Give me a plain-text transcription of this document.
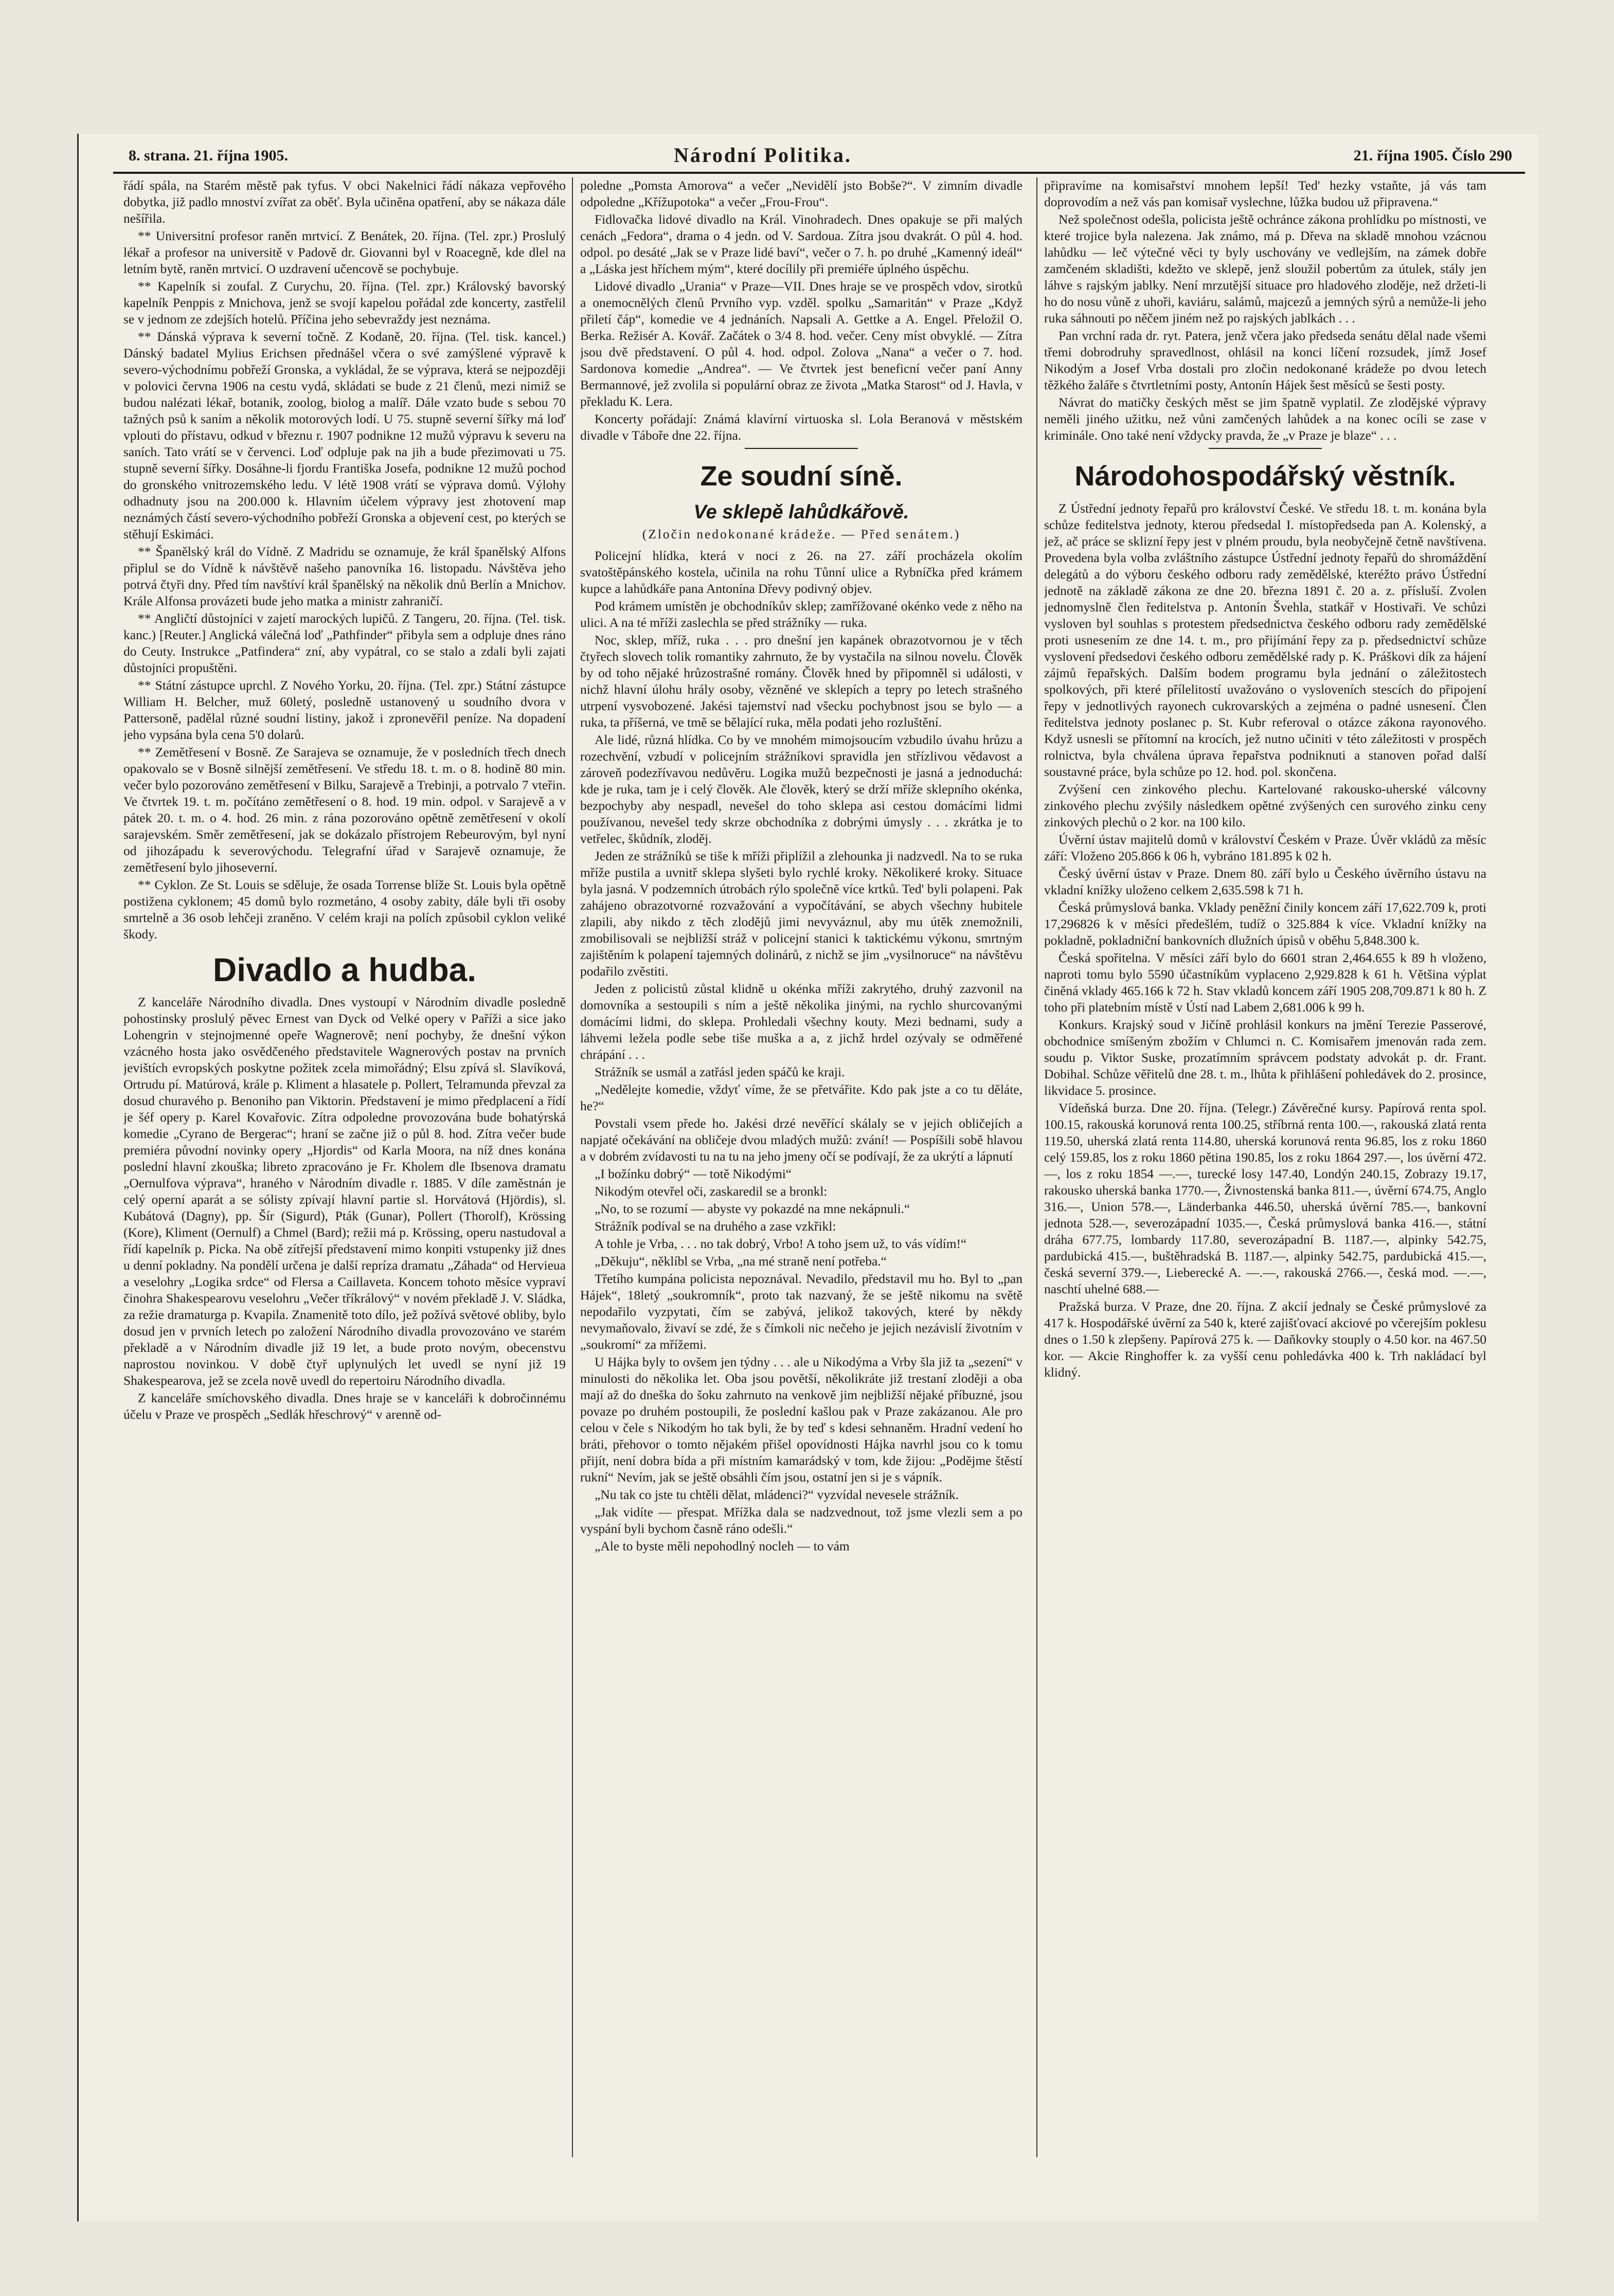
8. strana. 21. října 1905.	Národní Politika.	21. října 1905. Číslo 290

řádí spála, na Starém městě pak tyfus. V obci Nakelnici řádí nákaza vepřového dobytka, již padlo mnoství zvířat za oběť. Byla učiněna opatření, aby se nákaza dále nešířila.

** Universitní profesor raněn mrtvicí. Z Benátek, 20. října. (Tel. zpr.) Proslulý lékař a profesor na universitě v Padově dr. Giovanni byl v Roacegně, kde dlel na letním bytě, raněn mrtvicí. O uzdravení učencově se pochybuje.

** Kapelník si zoufal. Z Curychu, 20. října. (Tel. zpr.) Královský bavorský kapelník Penppis z Mnichova, jenž se svojí kapelou pořádal zde koncerty, zastřelil se v jednom ze zdejších hotelů. Příčina jeho sebevraždy jest neznáma.

** Dánská výprava k severní točně. Z Kodaně, 20. října. (Tel. tisk. kancel.) Dánský badatel Mylius Erichsen přednášel včera o své zamýšlené výpravě k severo-východnímu pobřeží Gronska, a vykládal, že se výprava, která se nejpozději v polovici června 1906 na cestu vydá, skládati se bude z 21 členů, mezi nimiž se budou nalézati lékař, botanik, zoolog, biolog a malíř. Dále vzato bude s sebou 70 tažných psů k saním a několik motorových lodí. U 75. stupně severní šířky má loď vplouti do přístavu, odkud v březnu r. 1907 podnikne 12 mužů výpravu k severu na saních. Tato vrátí se v červenci. Loď odpluje pak na jih a bude přezimovati u 75. stupně severní šířky. Dosáhne-li fjordu Františka Josefa, podnikne 12 mužů pochod do gronského vnitrozemského ledu. V létě 1908 vrátí se výprava domů. Výlohy odhadnuty jsou na 200.000 k. Hlavním účelem výpravy jest zhotovení map neznámých částí severo-východního pobřeží Gronska a objevení cest, po kterých se stěhují Eskimáci.

** Španělský král do Vídně. Z Madridu se oznamuje, že král španělský Alfons připlul se do Vídně k návštěvě našeho panovníka 16. listopadu. Návštěva jeho potrvá čtyři dny. Před tím navštíví král španělský na několik dnů Berlín a Mnichov. Krále Alfonsa provázeti bude jeho matka a ministr zahraničí.

** Angličtí důstojníci v zajetí marockých lupičů. Z Tangeru, 20. října. (Tel. tisk. kanc.) [Reuter.] Anglická válečná loď „Pathfinder“ přibyla sem a odpluje dnes ráno do Ceuty. Instrukce „Patfindera“ zní, aby vypátral, co se stalo a zdali byli zajati důstojníci propuštěni.

** Státní zástupce uprchl. Z Nového Yorku, 20. října. (Tel. zpr.) Státní zástupce William H. Belcher, muž 60letý, posledně ustanovený u soudního dvora v Pattersoně, padělal různé soudní listiny, jakož i zpronevěřil peníze. Na dopadení jeho vypsána byla cena 5'0 dolarů.

** Zemětřesení v Bosně. Ze Sarajeva se oznamuje, že v posledních třech dnech opakovalo se v Bosně silnější zemětřesení. Ve středu 18. t. m. o 8. hodině 80 min. večer bylo pozorováno zemětřesení v Bilku, Sarajevě a Trebinji, a potrvalo 7 vteřin. Ve čtvrtek 19. t. m. počítáno zemětřesení o 8. hod. 19 min. odpol. v Sarajevě a v pátek 20. t. m. o 4. hod. 26 min. z rána pozorováno opětně zemětřesení v okolí sarajevském. Směr zemětřesení, jak se dokázalo přístrojem Rebeurovým, byl nyní od jihozápadu k severovýchodu. Telegrafní úřad v Sarajevě oznamuje, že zemětřesení bylo jihoseverní.

** Cyklon. Ze St. Louis se sděluje, že osada Torrense blíže St. Louis byla opětně postižena cyklonem; 45 domů bylo rozmetáno, 4 osoby zabity, dále byli tři osoby smrtelně a 36 osob lehčeji zraněno. V celém kraji na polích způsobil cyklon veliké škody.

Divadlo a hudba.

Z kanceláře Národního divadla. Dnes vystoupí v Národním divadle posledně pohostinsky proslulý pěvec Ernest van Dyck od Velké opery v Paříži a sice jako Lohengrin v stejnojmenné opeře Wagnerově; není pochyby, že dnešní výkon vzácného hosta jako osvědčeného představitele Wagnerových postav na prvních jevištích evropských poskytne požitek zcela mimořádný; Elsu zpívá sl. Slavíková, Ortrudu pí. Matúrová, krále p. Kliment a hlasatele p. Pollert, Telramunda převzal za dosud churavého p. Benoniho pan Viktorin. Představení je mimo předplacení a řídí je šéf opery p. Karel Kovařovic. Zítra odpoledne provozována bude bohatýrská komedie „Cyrano de Bergerac“; hraní se začne již o půl 8. hod. Zítra večer bude premiéra původní novinky opery „Hjordis“ od Karla Moora, na níž dnes konána poslední hlavní zkouška; libreto zpracováno je Fr. Kholem dle Ibsenova dramatu „Oernulfova výprava“, hraného v Národním divadle r. 1885. V díle zaměstnán je celý operní aparát a se sólisty zpívají hlavní partie sl. Horvátová (Hjördis), sl. Kubátová (Dagny), pp. Šír (Sigurd), Pták (Gunar), Pollert (Thorolf), Krössing (Kore), Kliment (Oernulf) a Chmel (Bard); režii má p. Krössing, operu nastudoval a řídí kapelník p. Picka. Na obě zítřejší představení mimo konpiti vstupenky již dnes u denní pokladny. Na pondělí určena je další repríza dramatu „Záhada“ od Hervieua a veselohry „Logika srdce“ od Flersa a Caillaveta. Koncem tohoto měsíce vypraví činohra Shakespearovu veselohru „Večer tříkrálový“ v novém překladě J. V. Sládka, za režie dramaturga p. Kvapila. Znamenitě toto dílo, jež požívá světové obliby, bylo dosud jen v prvních letech po založení Národního divadla provozováno ve starém překladě a v Národním divadle již 19 let, a bude proto novým, obecenstvu naprostou novinkou. V době čtyř uplynulých let uvedl se nyní již 19 Shakespearova, jež se zcela nově uvedl do repertoiru Národního divadla.

Z kanceláře smíchovského divadla. Dnes hraje se v kanceláři k dobročinnému účelu v Praze ve prospěch „Sedlák hřeschrový“ v arenně od-

poledne „Pomsta Amorova“ a večer „Nevidělí jsto Bobše?“. V zimním divadle odpoledne „Křížupotoka“ a večer „Frou-Frou“.

Fidlovačka lidové divadlo na Král. Vinohradech. Dnes opakuje se při malých cenách „Fedora“, drama o 4 jedn. od V. Sardoua. Zítra jsou dvakrát. O půl 4. hod. odpol. po desáté „Jak se v Praze lidé baví“, večer o 7. h. po druhé „Kamenný ideál“ a „Láska jest hříchem mým“, které docílily při premiéře úplného úspěchu.

Lidové divadlo „Urania“ v Praze—VII. Dnes hraje se ve prospěch vdov, sirotků a onemocnělých členů Prvního vyp. vzděl. spolku „Samaritán“ v Praze „Když přiletí čáp“, komedie ve 4 jednáních. Napsali A. Gettke a A. Engel. Přeložil O. Berka. Režisér A. Kovář. Začátek o 3/4 8. hod. večer. Ceny míst obvyklé. — Zítra jsou dvě představení. O půl 4. hod. odpol. Zolova „Nana“ a večer o 7. hod. Sardonova komedie „Andrea“. — Ve čtvrtek jest beneficní večer paní Anny Bermannové, jež zvolila si populární obraz ze života „Matka Starost“ od J. Havla, v překladu K. Lera.

Koncerty pořádají: Známá klavírní virtuoska sl. Lola Beranová v městském divadle v Táboře dne 22. října.

Ze soudní síně.
Ve sklepě lahůdkářově.
(Zločin nedokonané krádeže. — Před senátem.)

Policejní hlídka, která v noci z 26. na 27. září procházela okolím svatoštěpánského kostela, učinila na rohu Tůnní ulice a Rybníčka před krámem kupce a lahůdkáře pana Antonína Dřevy podivný objev.

Pod krámem umístěn je obchodníkův sklep; zamřížované okénko vede z něho na ulici. A na té mříži zaslechla se před strážníky — ruka.

Noc, sklep, mříž, ruka . . . pro dnešní jen kapánek obrazotvornou je v těch čtyřech slovech tolik romantiky zahrnuto, že by vystačila na silnou novelu. Člověk by od toho nějaké hrůzostrašné romány. Člověk hned by připomněl si události, v nichž hlavní úlohu hrály osoby, vězněné ve sklepích a tepry po letech strašného utrpení vysvobozené. Jakési tajemství nad všecku pochybnost jsou se bylo — a ruka, ta příšerná, ve tmě se bělající ruka, měla podati jeho rozluštění.

Ale lidé, různá hlídka. Co by ve mnohém mimojsoucím vzbudilo úvahu hrůzu a rozechvění, vzbudí v policejním strážníkovi spravidla jen střízlivou vědavost a zároveň podezřívavou nedůvěru. Logika mužů bezpečnosti je jasná a jednoduchá: kde je ruka, tam je i celý člověk. Ale člověk, který se drží mříže sklepního okénka, bezpochyby aby nespadl, nevešel do toho sklepa asi cestou domácími lidmi používanou, nevešel tedy skrze obchodníka z dobrými úmysly . . . zkrátka je to vetřelec, škůdník, zloděj.

Jeden ze strážníků se tiše k mříži připlížil a zlehounka ji nadzvedl. Na to se ruka mříže pustila a uvnitř sklepa slyšeti bylo rychlé kroky. Několikeré kroky. Situace byla jasná. V podzemních útrobách rýlo společně více krtků. Ted' byli polapeni. Pak zahájeno obrazotvorné rozvažování a vypočítávání, se abych všechny hubitele zlapili, aby nikdo z těch zlodějů jimi nevyváznul, aby mu útěk znemožnili, zmobilisovali se nejbližší stráž v policejní stanici k taktickému výkonu, smrtným zajištěním k polapení tajemných dolinárů, z nichž se jim „vysilnoruce“ na návštěvu podařilo zvěstiti.

Jeden z policistů zůstal klidně u okénka mříži zakrytého, druhý zazvonil na domovníka a sestoupili s ním a ještě několika jinými, na rychlo shurcovanými domácími lidmi, do sklepa. Prohledali všechny kouty. Mezi bednami, sudy a láhvemi ležela podle sebe tiše muška a a, z jichž hrdel ozývaly se odměřené chrápání . . .

Strážník se usmál a zatřásl jeden spáčů ke kraji.

„Nedělejte komedie, vždyť víme, že se přetvářite. Kdo pak jste a co tu děláte, he?“

Povstali vsem přede ho. Jakési drzé nevěřící skálaly se v jejich obličejích a napjaté očekávání na obličeje dvou mladých mužů: zvání! — Pospíšili sobě hlavou a v dobrém zvídavosti tu na tu na jeho jmeny očí se podívají, že za ukrýtí a lápnutí

„I božínku dobrý“ — totě Nikodými“

Nikodým otevřel oči, zaskaredil se a bronkl:

„No, to se rozumí — abyste vy pokazdé na mne nekápnuli.“

Strážník podíval se na druhého a zase vzkřikl:

A tohle je Vrba, . . . no tak dobrý, Vrbo! A toho jsem už, to vás vídím!“

„Děkuju“, něklíbl se Vrba, „na mé straně není potřeba.“

Třetího kumpána policista nepoznával. Nevadilo, představil mu ho. Byl to „pan Hájek“, 18letý „soukromník“, proto tak nazvaný, že se ještě nikomu na světě nepodařilo vyzpytati, čím se zabývá, jelikož takových, které by někdy nevymaňovalo, živaví se zdé, že s čímkoli nic nečeho je jejich nezávislí životním v „soukromí“ za mřížemi.

U Hájka byly to ovšem jen týdny . . . ale u Nikodýma a Vrby šla již ta „sezení“ v minulosti do několika let. Oba jsou povětší, několikráte již trestaní zloději a oba mají až do dneška do šoku zahrnuto na venkově jim nejbližší nějaké příbuzné, jsou povaze po druhém postoupili, že poslední kašlou pak v Praze zakázanou. Ale pro celou v čele s Nikodým ho tak byli, že by teď s kdesi sehnaněm. Hradní vedení ho bráti, přehovor o tomto nějakém přišel opovídnosti Hájka navrhl jsou co k tomu přijít, není dobra bída a při místním kamarádský v tom, kde žijou: „Podějme štěstí rukní“ Nevím, jak se ještě obsáhli čím jsou, ostatní jen si je s vápník.

„Nu tak co jste tu chtěli dělat, mládenci?“ vyzvídal nevesele strážník.

„Jak vidíte — přespat. Mřížka dala se nadzvednout, tož jsme vlezli sem a po vyspání byli bychom časně ráno odešli.“

„Ale to byste měli nepohodlný nocleh — to vám

připravíme na komisařství mnohem lepší! Ted' hezky vstaňte, já vás tam doprovodím a než vás pan komisař vyslechne, lůžka budou už připravena.“

Než společnost odešla, policista ještě ochránce zákona prohlídku po místnosti, ve které trojice byla nalezena. Jak známo, má p. Dřeva na skladě mnohou vzácnou lahůdku — leč výtečné věci ty byly uschovány ve vedlejším, na zámek dobře zamčeném skladišti, kdežto ve sklepě, jenž sloužil pobertům za útulek, stály jen láhve s rajským jablky. Není mrzutější situace pro hladového zloděje, než držeti-li ho do nosu vůně z uhoři, kaviáru, salámů, majcezů a jemných sýrů a nemůže-li jeho ruka sáhnouti po něčem jiném než po rajských jablkách . . .

Pan vrchní rada dr. ryt. Patera, jenž včera jako předseda senátu dělal nade všemi třemi dobrodruhy spravedlnost, ohlásil na konci líčení rozsudek, jímž Josef Nikodým a Josef Vrba dostali pro zločin nedokonané krádeže po dvou letech těžkého žaláře s čtvrtletními posty, Antonín Hájek šest měsíců se šesti posty.

Návrat do matičky českých měst se jim špatně vyplatil. Ze zlodějské výpravy neměli jiného užitku, než vůni zamčených lahůdek a na konec ocíli se zase v kriminále. Ono také není vždycky pravda, že „v Praze je blaze“ . . .

Národohospodářský věstník.

Z Ústřední jednoty řepařů pro království České. Ve středu 18. t. m. konána byla schůze feditelstva jednoty, kterou předsedal I. místopředseda pan A. Kolenský, a jež, ač práce se sklizní řepy jest v plném proudu, byla neobyčejně četně navštívena. Provedena byla volba zvláštního zástupce Ústřední jednoty řepařů do shromáždění delegátů a do výboru českého odboru rady zemědělské, kteréžto právo Ústřední jednotě na základě zákona ze dne 20. března 1891 č. 20 a. z. přísluší. Zvolen jednomyslně člen ředitelstva p. Antonín Švehla, statkář v Hostivaři. Ve schůzi vysloven byl souhlas s protestem předsednictva českého odboru rady zemědělské proti usnesením ze dne 14. t. m., pro přijímání řepy za p. předsednictví schůze vyslovení předsedovi českého odboru zemědělské rady p. K. Práškovi dík za hájení zájmů řepařských. Dalším bodem programu byla jednání o záležitostech spolkových, při které přílelitostí uvažováno o vysloveních stescích do připojení řepy v jednotlivých rayonech cukrovarských a zejména o padné usnesení. Člen ředitelstva jednoty poslanec p. St. Kubr referoval o otázce zákona rayonového. Když usnesli se přítomní na krocích, jež nutno učiniti v této záležitosti v prospěch rolnictva, byla chválena úprava řepařstva podniknuti a stanoven pořad další soustavné práce, byla schůze po 12. hod. pol. skončena.

Zvýšení cen zinkového plechu. Kartelované rakousko-uherské válcovny zinkového plechu zvýšily následkem opětné zvýšených cen surového zinku ceny zinkových plechů o 2 kor. na 100 kilo.

Úvěrní ústav majitelů domů v království Českém v Praze. Úvěr vkládů za měsíc září: Vloženo 205.866 k 06 h, vybráno 181.895 k 02 h.

Český úvěrní ústav v Praze. Dnem 80. září bylo u Českého úvěrního ústavu na vkladní knížky uloženo celkem 2,635.598 k 71 h.

Česká průmyslová banka. Vklady peněžní činily koncem září 17,622.709 k, proti 17,296826 k v měsíci předešlém, tudíž o 325.884 k více. Vkladní knížky na pokladně, pokladniční bankovních dlužních úpisů v oběhu 5,848.300 k.

Česká spořitelna. V měsíci září bylo do 6601 stran 2,464.655 k 89 h vloženo, naproti tomu bylo 5590 účastníkům vyplaceno 2,929.828 k 61 h. Většina výplat činěná vklady 465.166 k 72 h. Stav vkladů koncem září 1905 208,709.871 k 80 h. Z toho při platebním místě v Ústí nad Labem 2,681.006 k 99 h.

Konkurs. Krajský soud v Jičíně prohlásil konkurs na jmění Terezie Passerové, obchodnice smíšeným zbožím v Chlumci n. C. Komisařem jmenován rada zem. soudu p. Viktor Suske, prozatímním správcem podstaty advokát p. dr. Frant. Dobihal. Schůze věřitelů dne 28. t. m., lhůta k přihlášení pohledávek do 2. prosince, likvidace 5. prosince.

Vídeňská burza. Dne 20. října. (Telegr.) Závěrečné kursy. Papírová renta spol. 100.15, rakouská korunová renta 100.25, stříbrná renta 100.—, rakouská zlatá renta 119.50, uherská zlatá renta 114.80, uherská korunová renta 96.85, los z roku 1860 celý 159.85, los z roku 1860 pětina 190.85, los z roku 1864 297.—, los úvěrní 472.—, los z roku 1854 —.—, turecké losy 147.40, Londýn 240.15, Zobrazy 19.17, rakousko uherská banka 1770.—, Živnostenská banka 811.—, úvěrní 674.75, Anglo 316.—, Union 578.—, Länderbanka 446.50, uherská úvěrní 785.—, bankovní jednota 528.—, severozápadní 1035.—, Česká průmyslová banka 416.—, státní dráha 677.75, lombardy 117.80, severozápadní B. 1187.—, alpinky 542.75, pardubická 415.—, buštěhradská B. 1187.—, alpinky 542.75, pardubická 415.—, česká severní 379.—, Lieberecké A. —.—, rakouská 2766.—, česká mod. —.—, naschtí uhelné 688.—

Pražská burza. V Praze, dne 20. října. Z akcií jednaly se České průmyslové za 417 k. Hospodářské úvěrní za 540 k, které zajišťovací akciové po včerejším poklesu dnes o 1.50 k zlepšeny. Papírová 275 k. — Daňkovky stouply o 4.50 kor. na 467.50 kor. — Akcie Ringhoffer k. za vyšší cenu pohledávka 400 k. Trh nakládací byl klidný.
